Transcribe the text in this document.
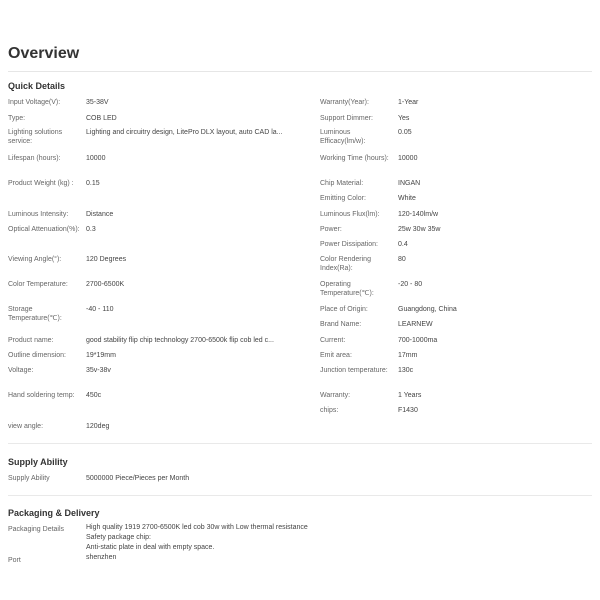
Overview
Quick Details
Input Voltage(V):	35-38V
Type:	COB LED
Lighting solutions service:
Lighting and circuitry design, LitePro DLX layout, auto CAD la...
Lifespan (hours):	10000
Product Weight (kg) :	0.15
Luminous Intensity:	Distance
Optical Attenuation(%): 0.3
Viewing Angle(°):	120 Degrees
Color Temperature:	2700-6500K
Storage Temperature(℃):
-40 - 110
Product name:	good stability flip chip technology 2700-6500k flip cob led c...
Outline dimension:	19*19mm
Voltage:	35v-38v
Hand soldering temp:	450c
view angle:	120deg
Warranty(Year):	1-Year
Support Dimmer:	Yes
Luminous Efficacy(lm/w):
0.05
Working Time (hours):	10000
Chip Material:	INGAN
Emitting Color:	White
Luminous Flux(lm):	120-140lm/w
Power:	25w 30w 35w
Power Dissipation:	0.4
Color Rendering Index(Ra):
80
Operating Temperature(℃):
-20 - 80
Place of Origin:	Guangdong, China
Brand Name:	LEARNEW
Current:	700-1000ma
Emit area:	17mm
Junction temperature:	130c
Warranty:	1 Years
chips:	F1430
Supply Ability
Supply Ability	5000000 Piece/Pieces per Month
Packaging & Delivery
Packaging Details	High quality 1919 2700-6500K led cob 30w with Low thermal resistance
Safety package chip:
Anti-static plate in deal with empty space.
Port	shenzhen
